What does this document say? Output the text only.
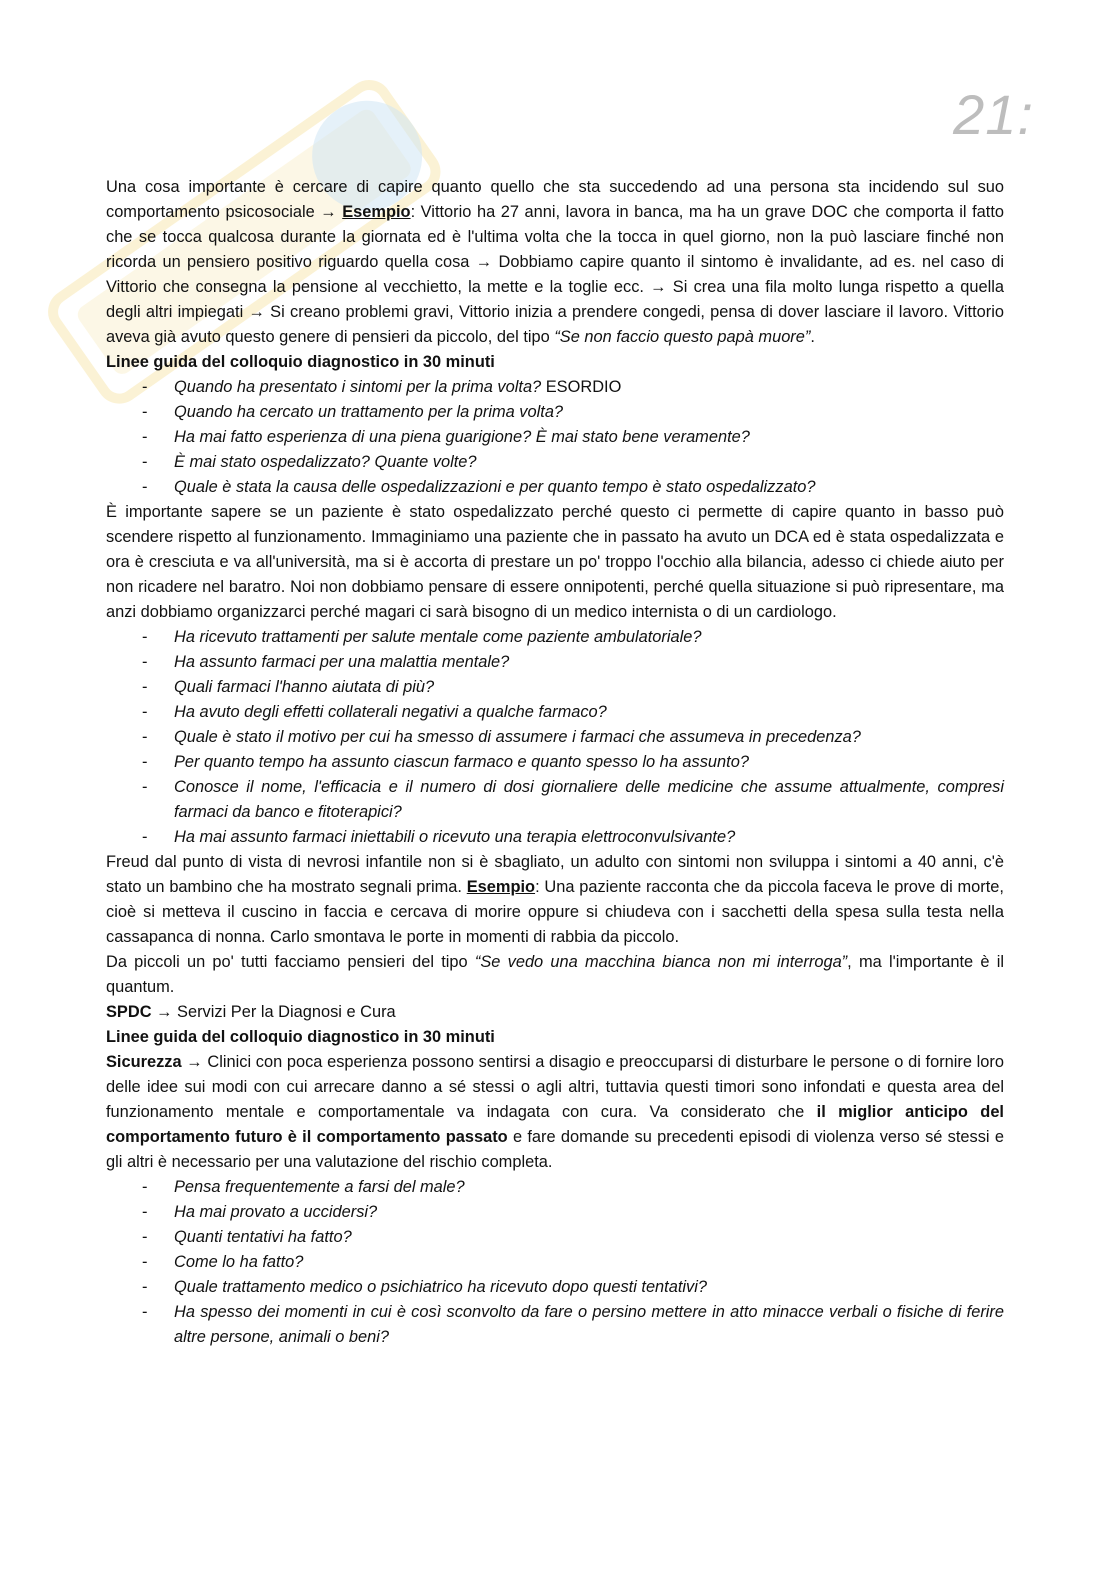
21:

Una cosa importante è cercare di capire quanto quello che sta succedendo ad una persona sta incidendo sul suo comportamento psicosociale → Esempio: Vittorio ha 27 anni, lavora in banca, ma ha un grave DOC che comporta il fatto che se tocca qualcosa durante la giornata ed è l'ultima volta che la tocca in quel giorno, non la può lasciare finché non ricorda un pensiero positivo riguardo quella cosa → Dobbiamo capire quanto il sintomo è invalidante, ad es. nel caso di Vittorio che consegna la pensione al vecchietto, la mette e la toglie ecc. → Si crea una fila molto lunga rispetto a quella degli altri impiegati → Si creano problemi gravi, Vittorio inizia a prendere congedi, pensa di dover lasciare il lavoro. Vittorio aveva già avuto questo genere di pensieri da piccolo, del tipo “Se non faccio questo papà muore”.

Linee guida del colloquio diagnostico in 30 minuti
- Quando ha presentato i sintomi per la prima volta? ESORDIO
- Quando ha cercato un trattamento per la prima volta?
- Ha mai fatto esperienza di una piena guarigione? È mai stato bene veramente?
- È mai stato ospedalizzato? Quante volte?
- Quale è stata la causa delle ospedalizzazioni e per quanto tempo è stato ospedalizzato?

È importante sapere se un paziente è stato ospedalizzato perché questo ci permette di capire quanto in basso può scendere rispetto al funzionamento. Immaginiamo una paziente che in passato ha avuto un DCA ed è stata ospedalizzata e ora è cresciuta e va all'università, ma si è accorta di prestare un po' troppo l'occhio alla bilancia, adesso ci chiede aiuto per non ricadere nel baratro. Noi non dobbiamo pensare di essere onnipotenti, perché quella situazione si può ripresentare, ma anzi dobbiamo organizzarci perché magari ci sarà bisogno di un medico internista o di un cardiologo.

- Ha ricevuto trattamenti per salute mentale come paziente ambulatoriale?
- Ha assunto farmaci per una malattia mentale?
- Quali farmaci l'hanno aiutata di più?
- Ha avuto degli effetti collaterali negativi a qualche farmaco?
- Quale è stato il motivo per cui ha smesso di assumere i farmaci che assumeva in precedenza?
- Per quanto tempo ha assunto ciascun farmaco e quanto spesso lo ha assunto?
- Conosce il nome, l'efficacia e il numero di dosi giornaliere delle medicine che assume attualmente, compresi farmaci da banco e fitoterapici?
- Ha mai assunto farmaci iniettabili o ricevuto una terapia elettroconvulsivante?

Freud dal punto di vista di nevrosi infantile non si è sbagliato, un adulto con sintomi non sviluppa i sintomi a 40 anni, c'è stato un bambino che ha mostrato segnali prima. Esempio: Una paziente racconta che da piccola faceva le prove di morte, cioè si metteva il cuscino in faccia e cercava di morire oppure si chiudeva con i sacchetti della spesa sulla testa nella cassapanca di nonna. Carlo smontava le porte in momenti di rabbia da piccolo.

Da piccoli un po' tutti facciamo pensieri del tipo “Se vedo una macchina bianca non mi interroga”, ma l'importante è il quantum.

SPDC → Servizi Per la Diagnosi e Cura

Linee guida del colloquio diagnostico in 30 minuti

Sicurezza → Clinici con poca esperienza possono sentirsi a disagio e preoccuparsi di disturbare le persone o di fornire loro delle idee sui modi con cui arrecare danno a sé stessi o agli altri, tuttavia questi timori sono infondati e questa area del funzionamento mentale e comportamentale va indagata con cura. Va considerato che il miglior anticipo del comportamento futuro è il comportamento passato e fare domande su precedenti episodi di violenza verso sé stessi e gli altri è necessario per una valutazione del rischio completa.

- Pensa frequentemente a farsi del male?
- Ha mai provato a uccidersi?
- Quanti tentativi ha fatto?
- Come lo ha fatto?
- Quale trattamento medico o psichiatrico ha ricevuto dopo questi tentativi?
- Ha spesso dei momenti in cui è così sconvolto da fare o persino mettere in atto minacce verbali o fisiche di ferire altre persone, animali o beni?
